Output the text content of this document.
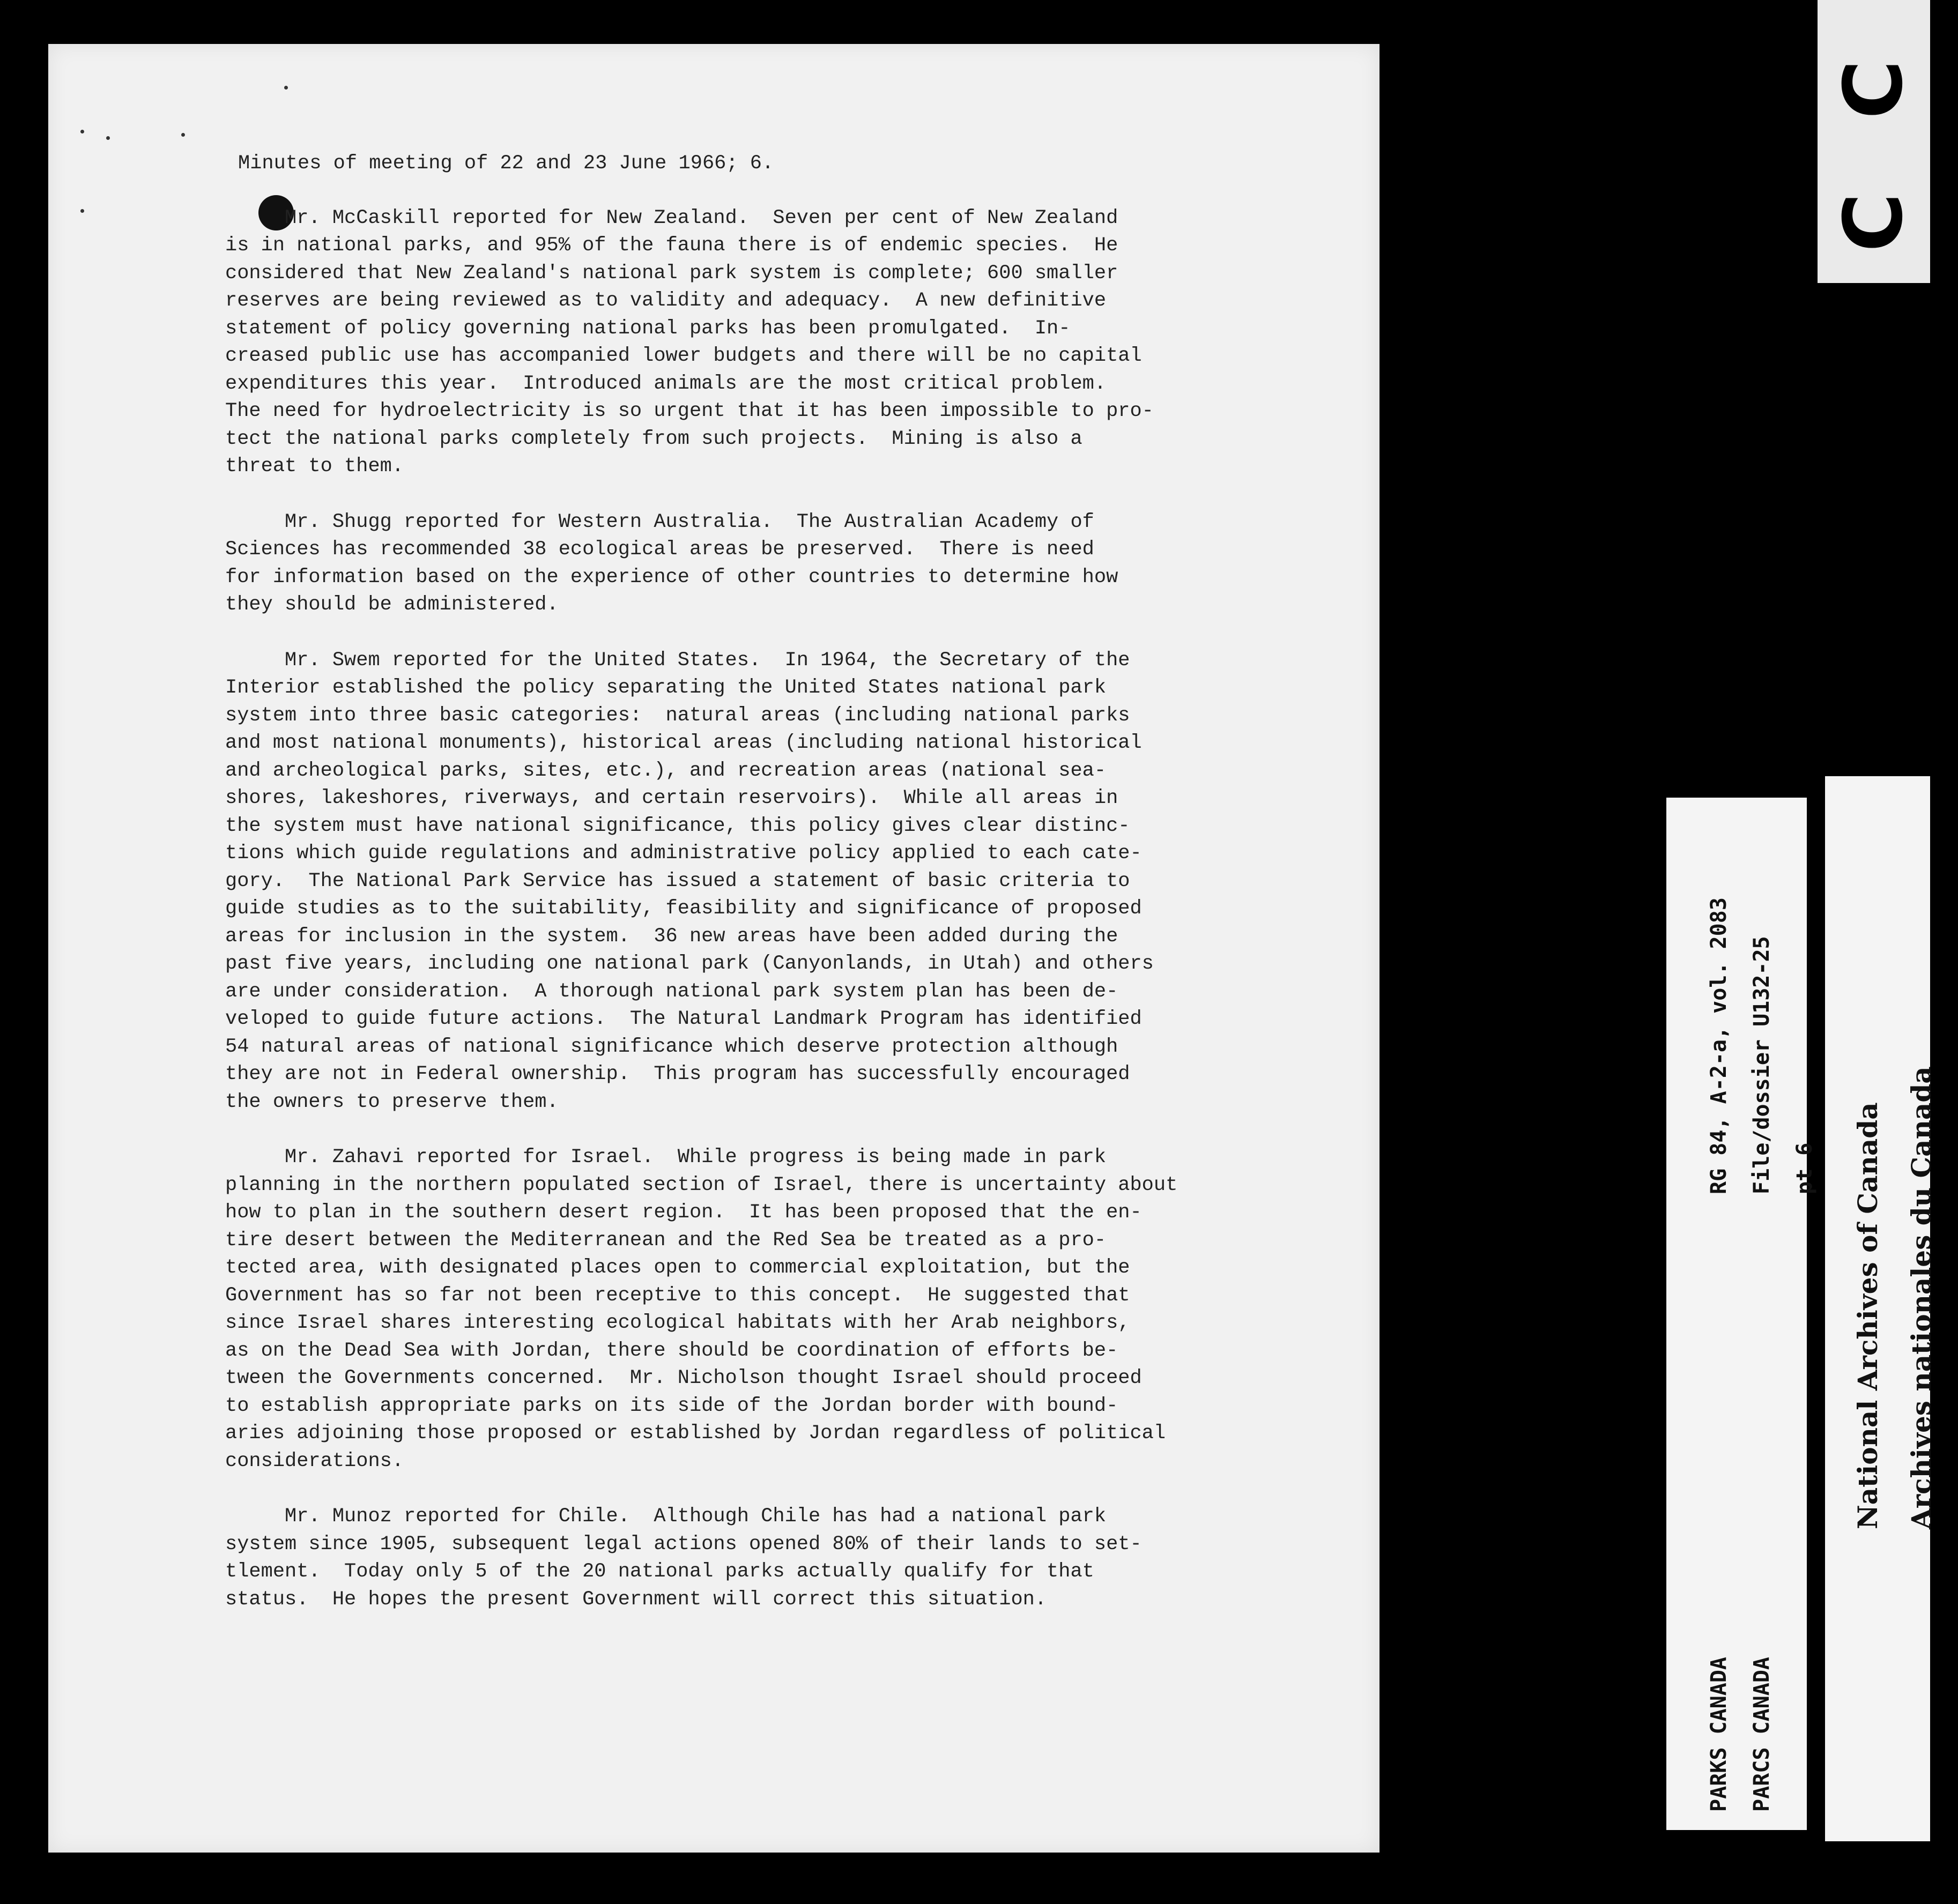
Minutes of meeting of 22 and 23 June 1966; 6.
Mr. McCaskill reported for New Zealand.  Seven per cent of New Zealand
is in national parks, and 95% of the fauna there is of endemic species.  He
considered that New Zealand's national park system is complete; 600 smaller
reserves are being reviewed as to validity and adequacy.  A new definitive
statement of policy governing national parks has been promulgated.  In-
creased public use has accompanied lower budgets and there will be no capital
expenditures this year.  Introduced animals are the most critical problem.
The need for hydroelectricity is so urgent that it has been impossible to pro-
tect the national parks completely from such projects.  Mining is also a
threat to them.
Mr. Shugg reported for Western Australia.  The Australian Academy of
Sciences has recommended 38 ecological areas be preserved.  There is need
for information based on the experience of other countries to determine how
they should be administered.
Mr. Swem reported for the United States.  In 1964, the Secretary of the
Interior established the policy separating the United States national park
system into three basic categories:  natural areas (including national parks
and most national monuments), historical areas (including national historical
and archeological parks, sites, etc.), and recreation areas (national sea-
shores, lakeshores, riverways, and certain reservoirs).  While all areas in
the system must have national significance, this policy gives clear distinc-
tions which guide regulations and administrative policy applied to each cate-
gory.  The National Park Service has issued a statement of basic criteria to
guide studies as to the suitability, feasibility and significance of proposed
areas for inclusion in the system.  36 new areas have been added during the
past five years, including one national park (Canyonlands, in Utah) and others
are under consideration.  A thorough national park system plan has been de-
veloped to guide future actions.  The Natural Landmark Program has identified
54 natural areas of national significance which deserve protection although
they are not in Federal ownership.  This program has successfully encouraged
the owners to preserve them.
Mr. Zahavi reported for Israel.  While progress is being made in park
planning in the northern populated section of Israel, there is uncertainty about
how to plan in the southern desert region.  It has been proposed that the en-
tire desert between the Mediterranean and the Red Sea be treated as a pro-
tected area, with designated places open to commercial exploitation, but the
Government has so far not been receptive to this concept.  He suggested that
since Israel shares interesting ecological habitats with her Arab neighbors,
as on the Dead Sea with Jordan, there should be coordination of efforts be-
tween the Governments concerned.  Mr. Nicholson thought Israel should proceed
to establish appropriate parks on its side of the Jordan border with bound-
aries adjoining those proposed or established by Jordan regardless of political
considerations.
Mr. Munoz reported for Chile.  Although Chile has had a national park
system since 1905, subsequent legal actions opened 80% of their lands to set-
tlement.  Today only 5 of the 20 national parks actually qualify for that
status.  He hopes the present Government will correct this situation.
C
C

RG 84, A-2-a, vol. 2083

File/dossier U132-25

pt 6

PARKS CANADA

PARCS CANADA

National Archives of Canada

Archives nationales du Canada
